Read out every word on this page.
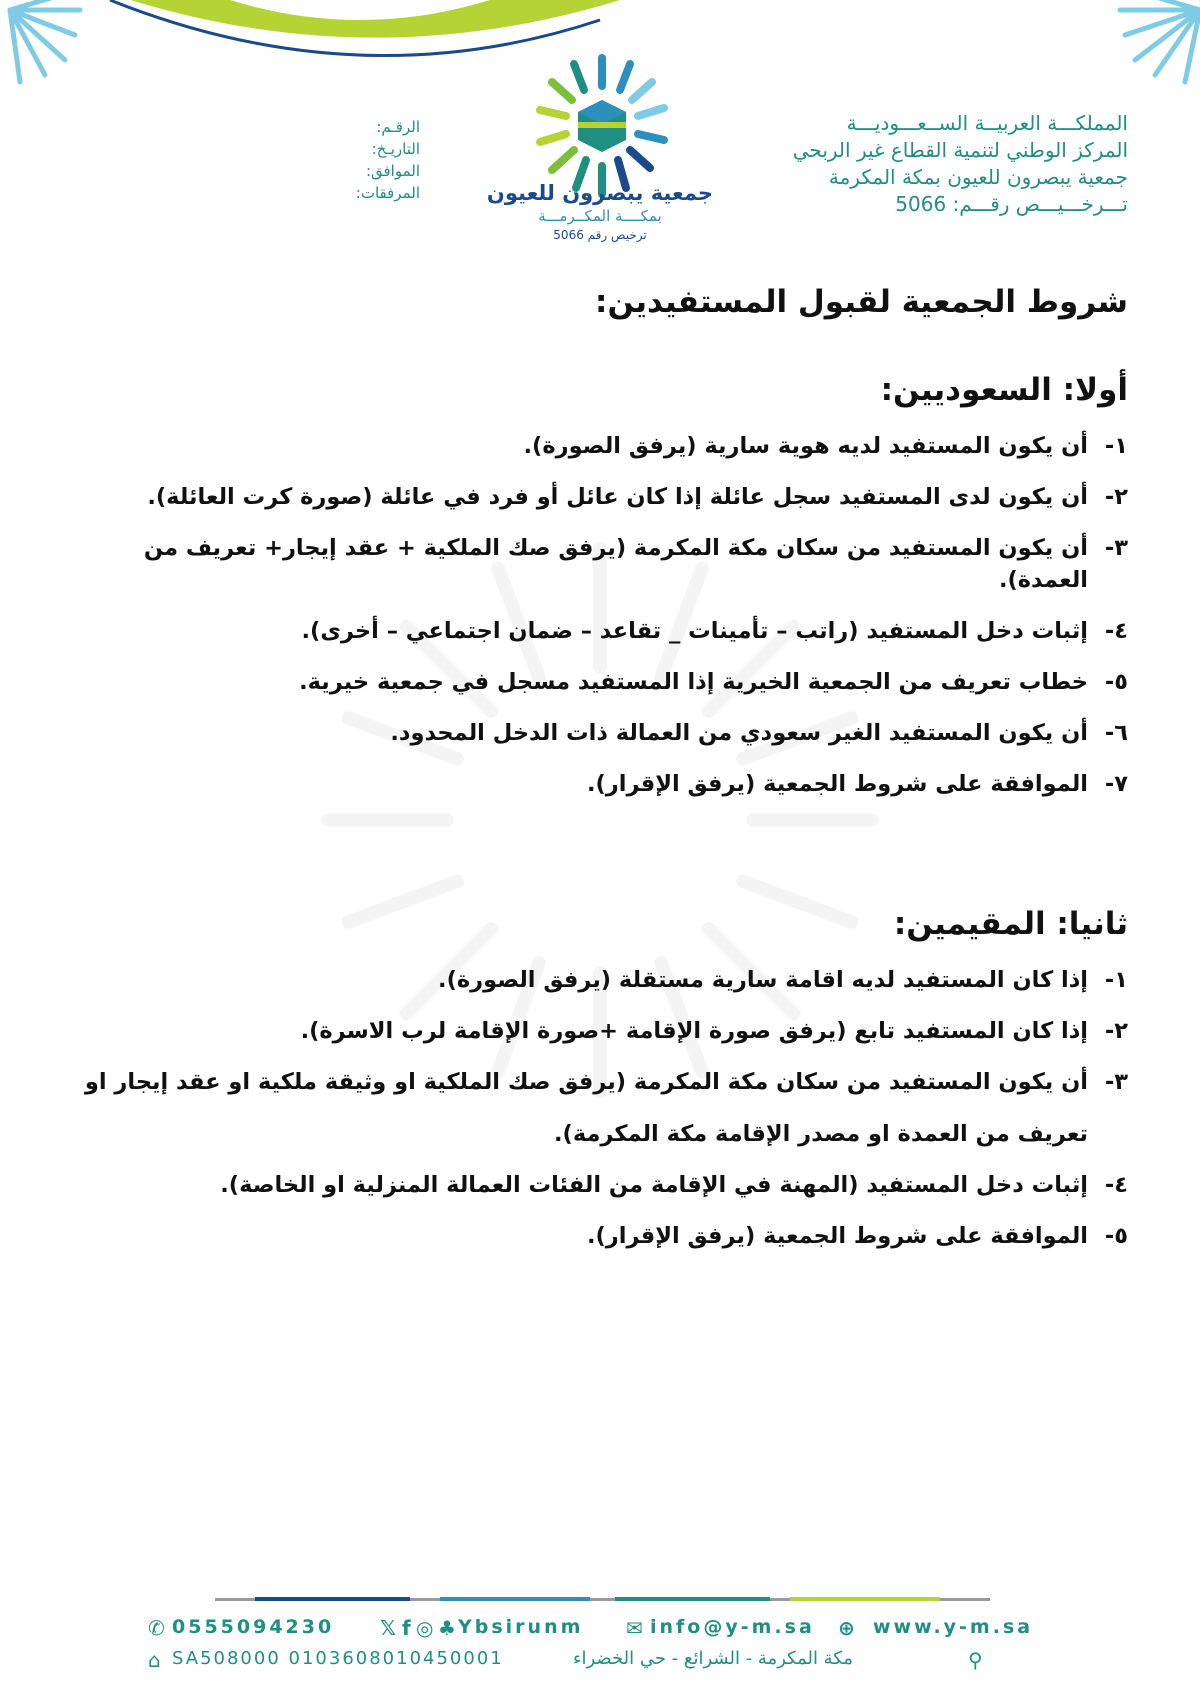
المملكـــة العربيــة الســعـــوديـــة
المركز الوطني لتنمية القطاع غير الربحي
جمعية يبصرون للعيون بمكة المكرمة
تـــرخـــيـــص رقـــم: 5066
الرقـم:
التاريـخ:
الموافق:
المرفقات:	جمعية يبصرون للعيون
بمكــــة المكــرمـــة
ترخيص رقم 5066
شروط الجمعية لقبول المستفيدين:
أولا: السعوديين:
١-
أن يكون المستفيد لديه هوية سارية (يرفق الصورة).
٢-
أن يكون لدى المستفيد سجل عائلة إذا كان عائل أو فرد في عائلة (صورة كرت العائلة).
٣-
أن يكون المستفيد من سكان مكة المكرمة (يرفق صك الملكية + عقد إيجار+ تعريف من العمدة).
٤-
إثبات دخل المستفيد (راتب – تأمينات _ تقاعد – ضمان اجتماعي – أخرى).
٥-
خطاب تعريف من الجمعية الخيرية إذا المستفيد مسجل في جمعية خيرية.
٦-
أن يكون المستفيد الغير سعودي من العمالة ذات الدخل المحدود.
٧-
الموافقة على شروط الجمعية (يرفق الإقرار).
ثانيا: المقيمين:
١-
إذا كان المستفيد لديه اقامة سارية مستقلة (يرفق الصورة).
٢-
إذا كان المستفيد تابع (يرفق صورة الإقامة +صورة الإقامة لرب الاسرة).
٣-
أن يكون المستفيد من سكان مكة المكرمة (يرفق صك الملكية او وثيقة ملكية او عقد إيجار او تعريف من العمدة او مصدر الإقامة مكة المكرمة).
٤-
إثبات دخل المستفيد (المهنة في الإقامة من الفئات العمالة المنزلية او الخاصة).
٥-
الموافقة على شروط الجمعية (يرفق الإقرار).
✆ 0555094230 𝕏 f ◎ ♣ Ybsirunm ✉ info@y-m.sa ⊕ www.y-m.sa
⌂ SA508000 0103608010450001	مكة المكرمة - الشرائع - حي الخضراء	⚲
